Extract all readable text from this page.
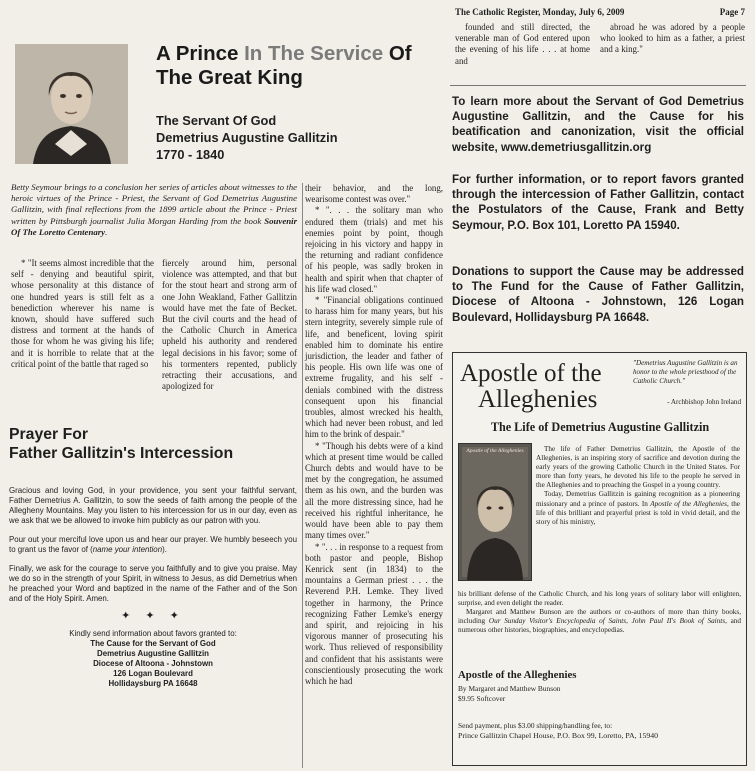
The Catholic Register, Monday, July 6, 2009	Page 7
A Prince In The Service Of The Great King
The Servant Of God
Demetrius Augustine Gallitzin
1770 - 1840
Betty Seymour brings to a conclusion her series of articles about witnesses to the heroic virtues of the Prince - Priest, the Servant of God Demetrius Augustine Gallitzin, with final reflections from the 1899 article about the Prince - Priest written by Pittsburgh journalist Julia Morgan Harding from the book Souvenir Of The Loretto Centenary.

* "It seems almost incredible that the self - denying and beautiful spirit, whose personality at this distance of one hundred years is still felt as a benediction wherever his name is known, should have suffered such distress and torment at the hands of those for whom he was giving his life; and it is horrible to relate that at the critical point of the battle that raged so

fiercely around him, personal violence was attempted, and that but for the stout heart and strong arm of one John Weakland, Father Gallitzin would have met the fate of Becket. But the civil courts and the head of the Catholic Church in America upheld his authority and rendered legal decisions in his favor; some of his tormenters repented, publicly retracting their accusations, and apologized for

their behavior, and the long, wearisome contest was over."

* ". . . the solitary man who endured them (trials) and met his enemies point by point, though rejoicing in his victory and happy in the returning and radiant confidence of his people, was sadly broken in health and spirit when that chapter of his life wad closed."

* "Financial obligations continued to harass him for many years, but his stern integrity, severely simple rule of life, and beneficent, loving spirit enabled him to dominate his entire jurisdiction, the leader and father of his people. His own life was one of extreme frugality, and his self - denials combined with the distress consequent upon his financial troubles, almost wrecked his health, which had never been robust, and led him to the brink of despair."

* "Though his debts were of a kind which at present time would be called Church debts and would have to be met by the congregation, he assumed them as his own, and the burden was all the more distressing since, had he received his rightful inheritance, he would have been able to pay them many times over."

* ". . . in response to a request from both pastor and people, Bishop Kenrick sent (in 1834) to the mountains a German priest . . . the Reverend P.H. Lemke. They lived together in harmony, the Prince recognizing Father Lemke's energy and spirit, and rejoicing in his vigorous manner of prosecuting his work. Thus relieved of responsibility and confident that his assistants were conscientiously prosecuting the work which he had

Prayer For
Father Gallitzin's Intercession

Gracious and loving God, in your providence, you sent your faithful servant, Father Demetrius A. Gallitzin, to sow the seeds of faith among the people of the Allegheny Mountains. May you listen to his intercession for us in our day, even as we ask that we be allowed to invoke him publicly as our patron with you.

Pour out your merciful love upon us and hear our prayer. We humbly beseech you to grant us the favor of (name your intention).

Finally, we ask for the courage to serve you faithfully and to give you praise. May we do so in the strength of your Spirit, in witness to Jesus, as did Demetrius when he preached your Word and baptized in the name of the Father and of the Son and of the Holy Spirit. Amen.

✦ ✦ ✦
Kindly send information about favors granted to:
The Cause for the Servant of God
Demetrius Augustine Gallitzin
Diocese of Altoona - Johnstown
126 Logan Boulevard
Hollidaysburg PA 16648

founded and still directed, the venerable man of God entered upon the evening of his life . . . at home and

abroad he was adored by a people who looked to him as a father, a priest and a king."

To learn more about the Servant of God Demetrius Augustine Gallitzin, and the Cause for his beatification and canonization, visit the official website, www.demetriusgallitzin.org
For further information, or to report favors granted through the intercession of Father Gallitzin, contact the Postulators of the Cause, Frank and Betty Seymour, P.O. Box 101, Loretto PA 15940.
Donations to support the Cause may be addressed to The Fund for the Cause of Father Gallitzin, Diocese of Altoona - Johnstown, 126 Logan Boulevard, Hollidaysburg PA 16648.
Apostle of the
Alleghenies
"Demetrius Augustine Gallitzin is an honor to the whole priesthood of the Catholic Church."
- Archbishop John Ireland
The Life of Demetrius Augustine Gallitzin
Apostle of the Alleghenies	The life of Father Demetrius Gallitzin, the Apostle of the Alleghenies, is an inspiring story of sacrifice and devotion during the early years of the growing Catholic Church in the United States. For more than forty years, he devoted his life to the people he served in the Alleghenies and to preaching the Gospel in a young country.

Today, Demetrius Gallitzin is gaining recognition as a pioneering missionary and a prince of pastors. In Apostle of the Alleghenies, the life of this brilliant and prayerful priest is told in vivid detail, and the story of his ministry,

his brilliant defense of the Catholic Church, and his long years of solitary labor will enlighten, surprise, and even delight the reader.

Margaret and Matthew Bunson are the authors or co-authors of more than thirty books, including Our Sunday Visitor's Encyclopedia of Saints, John Paul II's Book of Saints, and numerous other histories, biographies, and encyclopedias.

Apostle of the Alleghenies
By Margaret and Matthew Bunson
$9.95 Softcover
Send payment, plus $3.00 shipping/handling fee, to:
Prince Gallitzin Chapel House, P.O. Box 99, Loretto, PA, 15940
